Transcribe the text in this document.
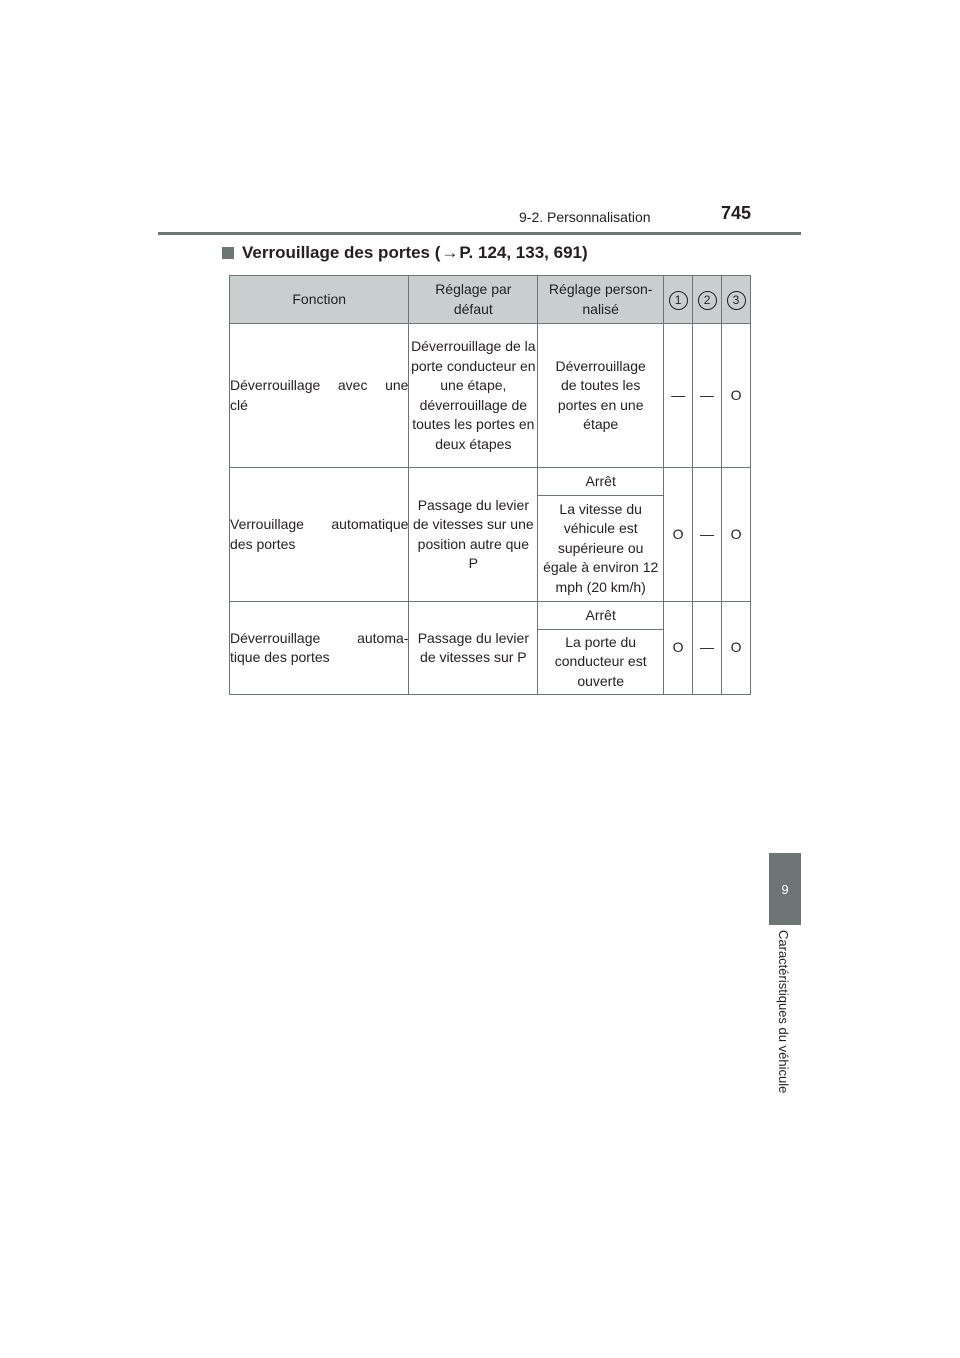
9-2. Personnalisation	745
Verrouillage des portes ( → P. 124, 133, 691)
Fonction	Réglage par défaut	Réglage person-nalisé	1	2	3

Déverrouillage avec une
clé	Déverrouillage de la porte conducteur en une étape, déverrouillage de toutes les portes en deux étapes	Déverrouillage de toutes les portes en une étape	—	—	O

Verrouillage automatique
des portes	Passage du levier de vitesses sur une position autre que P	Arrêt	O	—	O
		La vitesse du véhicule est supérieure ou égale à environ 12 mph (20 km/h)			

Déverrouillage automa-
tique des portes	Passage du levier de vitesses sur P	Arrêt	O	—	O
		La porte du conducteur est ouverte			
9
Caractéristiques du véhicule
